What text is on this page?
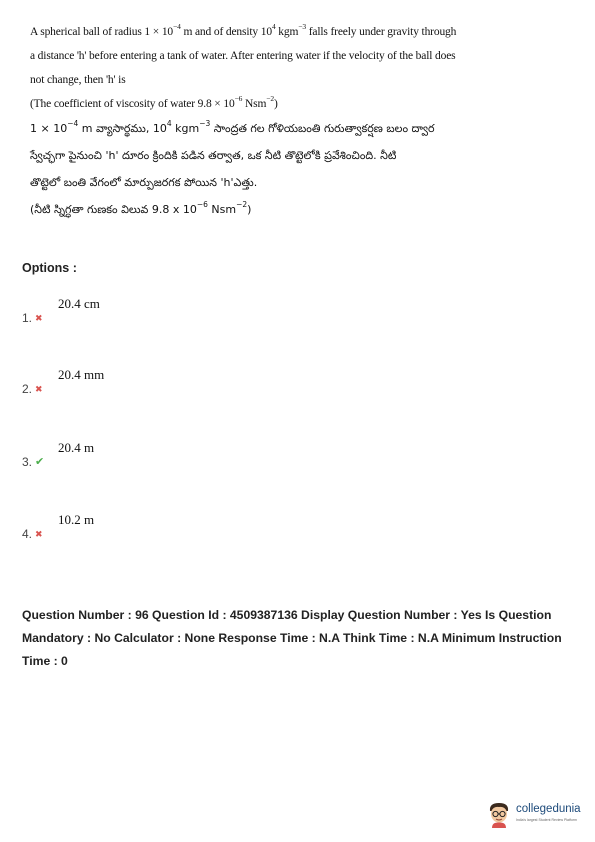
A spherical ball of radius $1 \times 10^{-4}$ m and of density $10^4$ kgm$^{-3}$ falls freely under gravity through
a distance 'h' before entering a tank of water. After entering water if the velocity of the ball does
not change, then 'h' is
(The coefficient of viscosity of water $9.8 \times 10^{-6}$ Nsm$^{-2}$)
$1 \times 10^{-4}$ m వ్యాసార్థము, $10^4$ kgm$^{-3}$ సాంద్రత గల గోళియబంతి గురుత్వాకర్షణ బలం ద్వార
స్వేచ్ఛగా పైనుంచి 'h' దూరం క్రిందికి పడిన తర్వాత, ఒక నీటి తొట్టెలోకి ప్రవేశించింది. నీటి
తొట్టెలో బంతి వేగంలో మార్పుజరగక పోయిన 'h'ఎత్తు.
(నీటి స్నిగ్ధతా గుణకం విలువ 9.8 x $10^{-6}$ Nsm$^{-2}$)
Options :
20.4 cm
1. ✖
20.4 mm
2. ✖
20.4 m
3. ✔
10.2 m
4. ✖
Question Number : 96 Question Id : 4509387136 Display Question Number : Yes Is Question
Mandatory : No Calculator : None Response Time : N.A Think Time : N.A Minimum Instruction
Time : 0
collegedunia
India's largest Student Review Platform
